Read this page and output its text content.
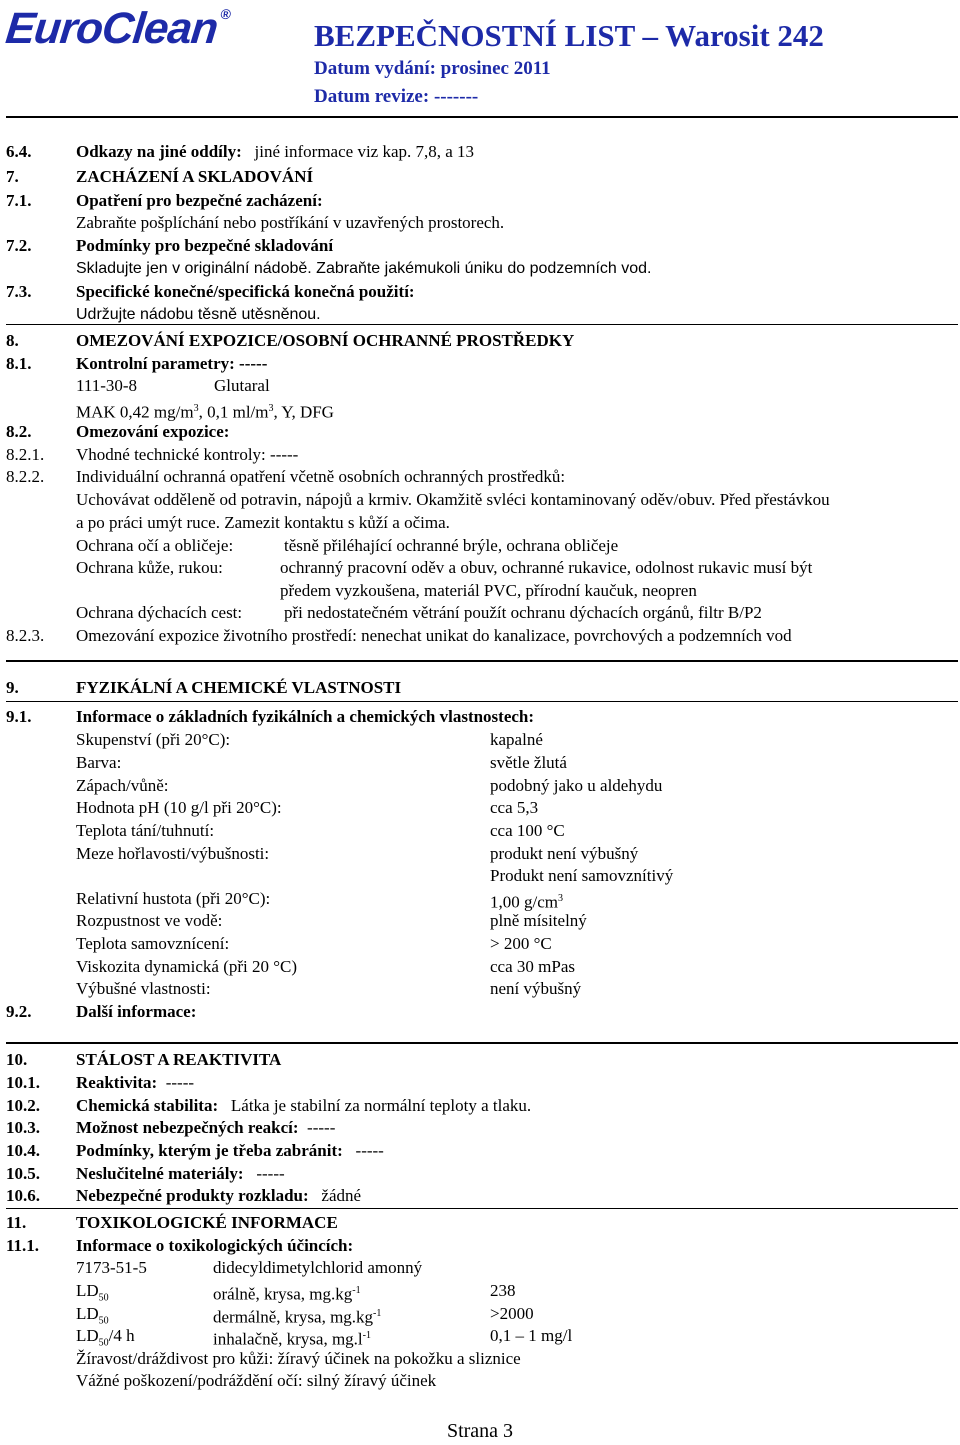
EuroClean®
BEZPEČNOSTNÍ LIST – Warosit 242
Datum vydání: prosinec 2011
Datum revize: -------
6.4.	Odkazy na jiné oddíly: jiné informace viz kap. 7,8, a 13
7.	ZACHÁZENÍ A SKLADOVÁNÍ
7.1.	Opatření pro bezpečné zacházení:
Zabraňte pošplíchání nebo postříkání v uzavřených prostorech.
7.2.	Podmínky pro bezpečné skladování
Skladujte jen v originální nádobě. Zabraňte jakémukoli úniku do podzemních vod.
7.3.	Specifické konečné/specifická konečná použití:
Udržujte nádobu těsně utěsněnou.
8.	OMEZOVÁNÍ EXPOZICE/OSOBNÍ OCHRANNÉ PROSTŘEDKY
8.1.	Kontrolní parametry: -----
111-30-8	Glutaral
MAK 0,42 $mg/m^3$, 0,1 $ml/m^3$, Y, DFG
8.2.	Omezování expozice:
8.2.1. Vhodné technické kontroly: -----
8.2.2. Individuální ochranná opatření včetně osobních ochranných prostředků:
Uchovávat odděleně od potravin, nápojů a krmiv. Okamžitě svléci kontaminovaný oděv/obuv. Před přestávkou
a po práci umýt ruce. Zamezit kontaktu s kůží a očima.
Ochrana očí a obličeje:	těsně přiléhající ochranné brýle, ochrana obličeje
Ochrana kůže, rukou:	ochranný pracovní oděv a obuv, ochranné rukavice, odolnost rukavic musí být
předem vyzkoušena, materiál PVC, přírodní kaučuk, neopren
Ochrana dýchacích cest: při nedostatečném větrání použít ochranu dýchacích orgánů, filtr B/P2
8.2.3. Omezování expozice životního prostředí: nenechat unikat do kanalizace, povrchových a podzemních vod
9.	FYZIKÁLNÍ A CHEMICKÉ VLASTNOSTI
9.1.	Informace o základních fyzikálních a chemických vlastnostech:
Skupenství (při 20°C):	kapalné
Barva:	světle žlutá
Zápach/vůně:	podobný jako u aldehydu
Hodnota pH (10 g/l při 20°C):	cca 5,3
Teplota tání/tuhnutí:	cca 100 °C
Meze hořlavosti/výbušnosti:	produkt není výbušný
Produkt není samovznítivý
Relativní hustota (při 20°C):	1,00 $g/cm^3$
Rozpustnost ve vodě:	plně mísitelný
Teplota samovznícení:	> 200 °C
Viskozita dynamická (při 20 °C)	cca 30 mPas
Výbušné vlastnosti:	není výbušný
9.2.	Další informace:
10.	STÁLOST A REAKTIVITA
10.1. Reaktivita: -----
10.2. Chemická stabilita: Látka je stabilní za normální teploty a tlaku.
10.3. Možnost nebezpečných reakcí: -----
10.4. Podmínky, kterým je třeba zabránit: -----
10.5. Neslučitelné materiály: -----
10.6. Nebezpečné produkty rozkladu: žádné
11.	TOXIKOLOGICKÉ INFORMACE
11.1. Informace o toxikologických účincích:
7173-51-5	didecyldimetylchlorid amonný
$LD_{50}$	orálně, krysa, $mg.kg^{-1}$	238
$LD_{50}$	dermálně, krysa, $mg.kg^{-1}$	>2000
$LD_{50}/4$ h	inhalačně, krysa, $mg.l^{-1}$	0,1 – 1 mg/l
Žíravost/dráždivost pro kůži: žíravý účinek na pokožku a sliznice
Vážné poškození/podráždění očí: silný žíravý účinek
Strana 3
